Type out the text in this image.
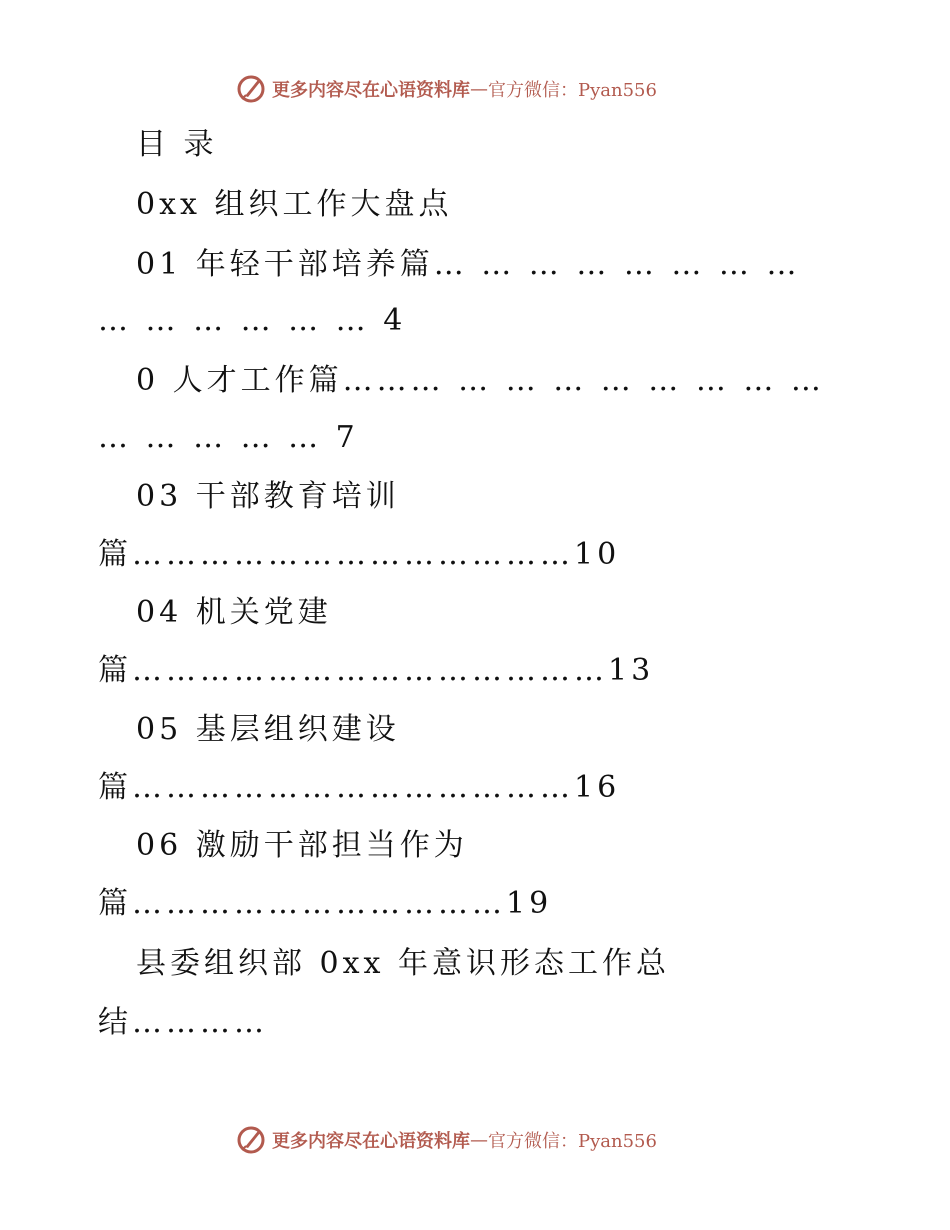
更多内容尽在心语资料库 — 官方微信：Pyan556
目 录
0xx 组织工作大盘点
01 年轻干部培养篇… … … … … … … …
… … … … … … 4
0 人才工作篇……… … … … … … … … …
… … … … … 7
03 干部教育培训
篇…………………………………10
04 机关党建
篇……………………………………13
05 基层组织建设
篇…………………………………16
06 激励干部担当作为
篇……………………………19
县委组织部 0xx 年意识形态工作总
结…………
更多内容尽在心语资料库 — 官方微信：Pyan556
